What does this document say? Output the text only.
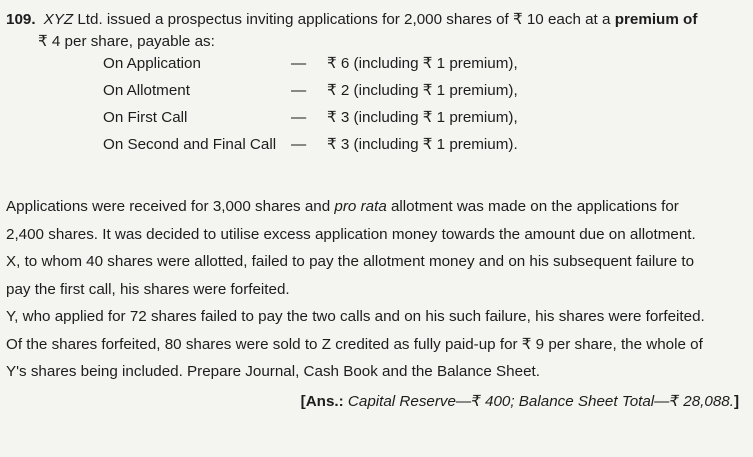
109. XYZ Ltd. issued a prospectus inviting applications for 2,000 shares of ₹ 10 each at a premium of
₹ 4 per share, payable as:
On Application	—	₹ 6 (including ₹ 1 premium),
On Allotment	—	₹ 2 (including ₹ 1 premium),
On First Call	—	₹ 3 (including ₹ 1 premium),
On Second and Final Call —	₹ 3 (including ₹ 1 premium).
Applications were received for 3,000 shares and pro rata allotment was made on the applications for
2,400 shares. It was decided to utilise excess application money towards the amount due on allotment.
X, to whom 40 shares were allotted, failed to pay the allotment money and on his subsequent failure to
pay the first call, his shares were forfeited.
Y, who applied for 72 shares failed to pay the two calls and on his such failure, his shares were forfeited.
Of the shares forfeited, 80 shares were sold to Z credited as fully paid-up for ₹ 9 per share, the whole of
Y's shares being included. Prepare Journal, Cash Book and the Balance Sheet.
[Ans.: Capital Reserve—₹ 400; Balance Sheet Total—₹ 28,088.]
